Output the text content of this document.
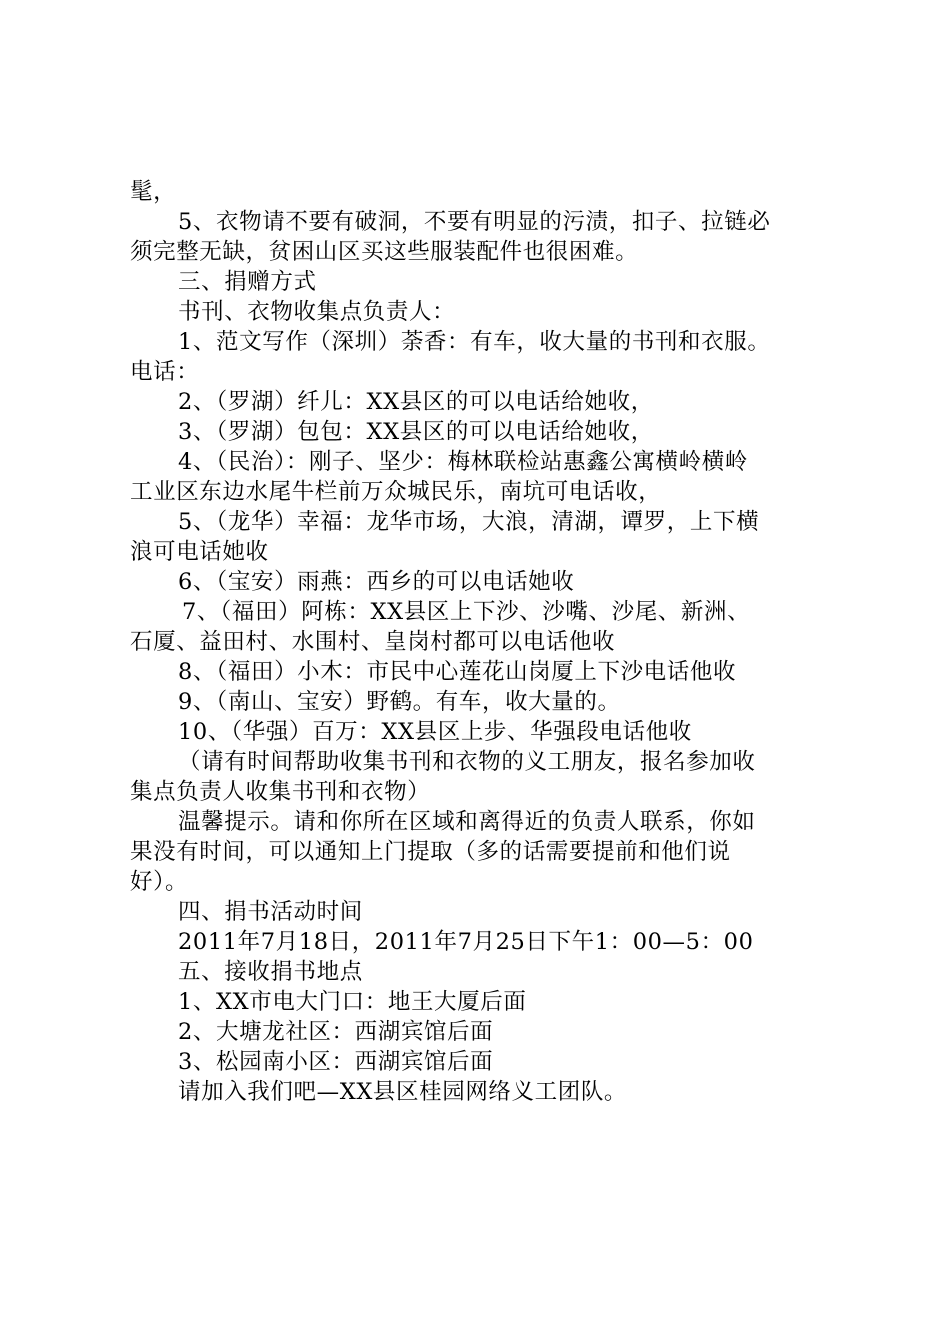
髦，
5、衣物请不要有破洞，不要有明显的污渍，扣子、拉链必
须完整无缺，贫困山区买这些服装配件也很困难。
三、捐赠方式
书刊、衣物收集点负责人：
1、范文写作（深圳）荼香：有车，收大量的书刊和衣服。
电话：
2、（罗湖）纤儿：XX县区的可以电话给她收，
3、（罗湖）包包：XX县区的可以电话给她收，
4、（民治）：刚子、坚少：梅林联检站惠鑫公寓横岭横岭
工业区东边水尾牛栏前万众城民乐，南坑可电话收，
5、（龙华）幸福：龙华市场，大浪，清湖，谭罗，上下横
浪可电话她收
6、（宝安）雨燕：西乡的可以电话她收
7、（福田）阿栋：XX县区上下沙、沙嘴、沙尾、新洲、
石厦、益田村、水围村、皇岗村都可以电话他收
8、（福田）小木：市民中心莲花山岗厦上下沙电话他收
9、（南山、宝安）野鹤。有车，收大量的。
10、（华强）百万：XX县区上步、华强段电话他收
（请有时间帮助收集书刊和衣物的义工朋友，报名参加收
集点负责人收集书刊和衣物）
温馨提示。请和你所在区域和离得近的负责人联系，你如
果没有时间，可以通知上门提取（多的话需要提前和他们说
好）。
四、捐书活动时间
2011年7月18日，2011年7月25日下午1：00—5：00
五、接收捐书地点
1、XX市电大门口：地王大厦后面
2、大塘龙社区：西湖宾馆后面
3、松园南小区：西湖宾馆后面
请加入我们吧—XX县区桂园网络义工团队。
